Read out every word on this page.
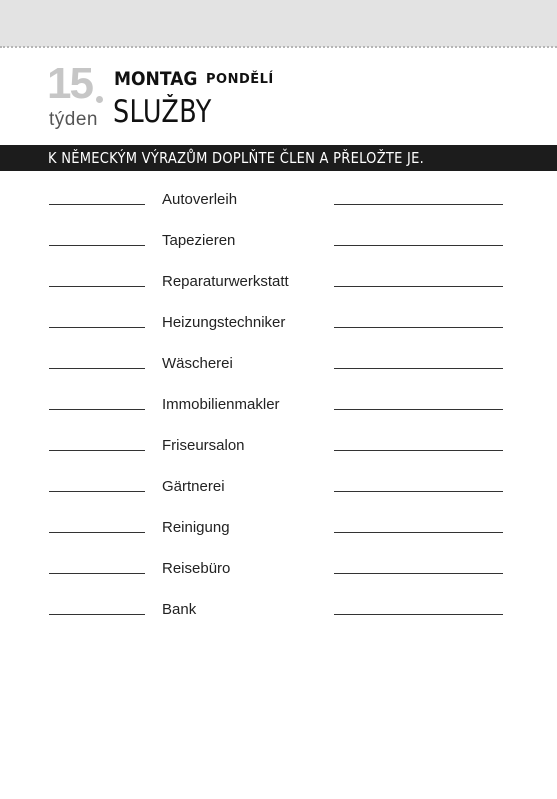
15
týden
MONTAG PONDĚLÍ
SLUŽBY
K NĚMECKÝM VÝRAZŮM DOPLŇTE ČLEN A PŘELOŽTE JE.
Autoverleih
Tapezieren
Reparaturwerkstatt
Heizungstechniker
Wäscherei
Immobilienmakler
Friseursalon
Gärtnerei
Reinigung
Reisebüro
Bank
